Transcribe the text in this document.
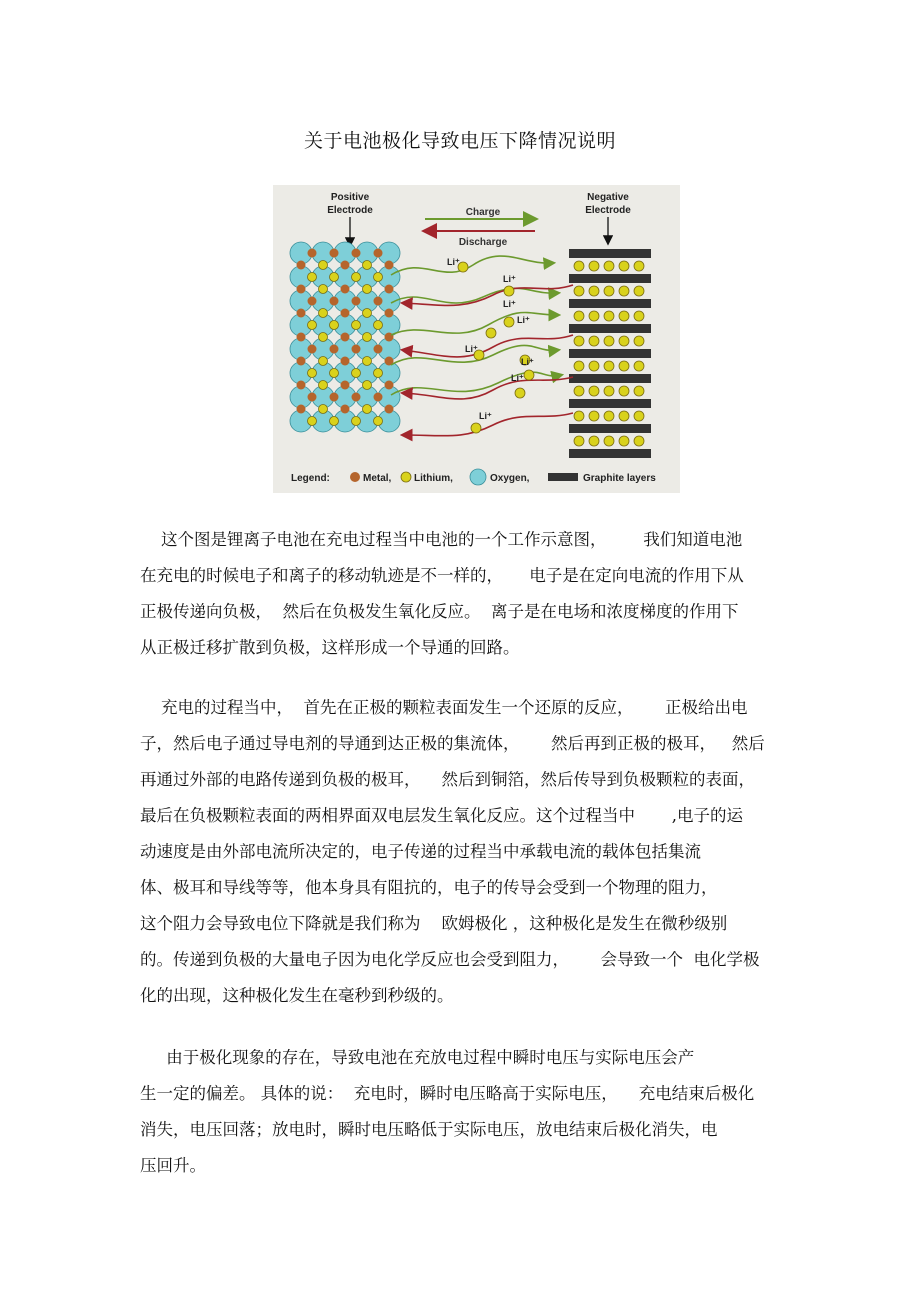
关于电池极化导致电压下降情况说明
Positive
Electrode
Negative
Electrode
Charge
Discharge
Li⁺
Li⁺
Li⁺
Li⁺
Li⁺
Li⁺
Li⁺
Li⁺
Legend:	Metal, Lithium,	Oxygen,	Graphite layers
这个图是锂离子电池在充电过程当中电池的一个工作示意图，       我们知道电池
在充电的时候电子和离子的移动轨迹是不一样的，     电子是在定向电流的作用下从
正极传递向负极，  然后在负极发生氧化反应。  离子是在电场和浓度梯度的作用下
从正极迁移扩散到负极，这样形成一个导通的回路。
充电的过程当中，  首先在正极的颗粒表面发生一个还原的反应，      正极给出电
子，然后电子通过导电剂的导通到达正极的集流体，      然后再到正极的极耳，   然后
再通过外部的电路传递到负极的极耳，    然后到铜箔，然后传导到负极颗粒的表面，
最后在负极颗粒表面的两相界面双电层发生氧化反应。这个过程当中       ,电子的运
动速度是由外部电流所决定的，电子传递的过程当中承载电流的载体包括集流
体、极耳和导线等等，他本身具有阻抗的，电子的传导会受到一个物理的阻力，
这个阻力会导致电位下降就是我们称为    欧姆极化 ，这种极化是发生在微秒级别
的。传递到负极的大量电子因为电化学反应也会受到阻力，      会导致一个  电化学极
化的出现，这种极化发生在毫秒到秒级的。
由于极化现象的存在，导致电池在充放电过程中瞬时电压与实际电压会产
生一定的偏差。 具体的说：  充电时，瞬时电压略高于实际电压，    充电结束后极化
消失，电压回落；放电时，瞬时电压略低于实际电压，放电结束后极化消失，电
压回升。
